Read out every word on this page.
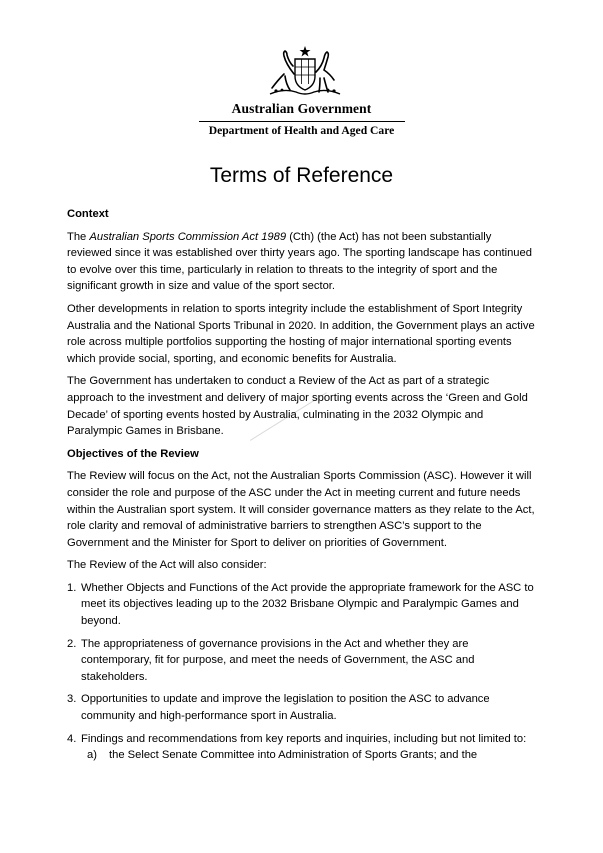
Australian Government
Department of Health and Aged Care
Terms of Reference
Context

The Australian Sports Commission Act 1989 (Cth) (the Act) has not been substantially reviewed since it was established over thirty years ago. The sporting landscape has continued to evolve over this time, particularly in relation to threats to the integrity of sport and the significant growth in size and value of the sport sector.

Other developments in relation to sports integrity include the establishment of Sport Integrity Australia and the National Sports Tribunal in 2020. In addition, the Government plays an active role across multiple portfolios supporting the hosting of major international sporting events which provide social, sporting, and economic benefits for Australia.

The Government has undertaken to conduct a Review of the Act as part of a strategic approach to the investment and delivery of major sporting events across the ‘Green and Gold Decade’ of sporting events hosted by Australia, culminating in the 2032 Olympic and Paralympic Games in Brisbane.

Objectives of the Review

The Review will focus on the Act, not the Australian Sports Commission (ASC). However it will consider the role and purpose of the ASC under the Act in meeting current and future needs within the Australian sport system. It will consider governance matters as they relate to the Act, role clarity and removal of administrative barriers to strengthen ASC’s support to the Government and the Minister for Sport to deliver on priorities of Government.

The Review of the Act will also consider:

1. Whether Objects and Functions of the Act provide the appropriate framework for the ASC to meet its objectives leading up to the 2032 Brisbane Olympic and Paralympic Games and beyond.
2. The appropriateness of governance provisions in the Act and whether they are contemporary, fit for purpose, and meet the needs of Government, the ASC and stakeholders.
3. Opportunities to update and improve the legislation to position the ASC to advance community and high-performance sport in Australia.
4. Findings and recommendations from key reports and inquiries, including but not limited to:
a) the Select Senate Committee into Administration of Sports Grants; and the
